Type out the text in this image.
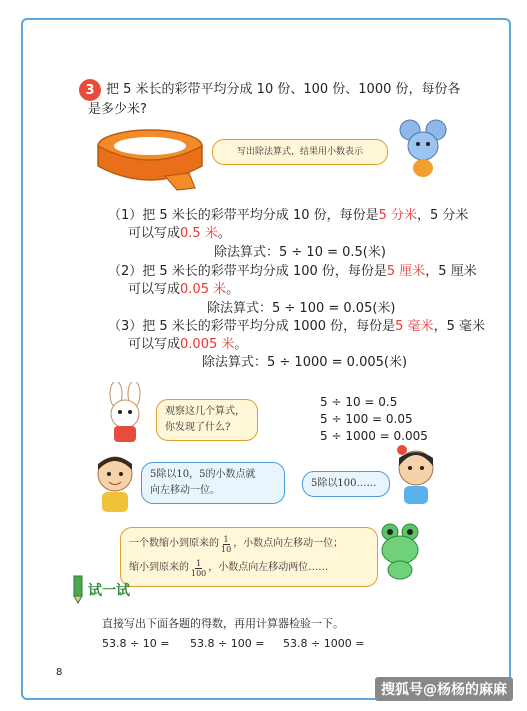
3 把 5 米长的彩带平均分成 10 份、100 份、1000 份，每份各
是多少米?
写出除法算式，结果用小数表示
（1）把 5 米长的彩带平均分成 10 份，每份是5 分米，5 分米
可以写成0.5 米。
除法算式：5 ÷ 10 = 0.5(米)
（2）把 5 米长的彩带平均分成 100 份，每份是5 厘米，5 厘米
可以写成0.05 米。
除法算式：5 ÷ 100 = 0.05(米)
（3）把 5 米长的彩带平均分成 1000 份，每份是5 毫米，5 毫米
可以写成0.005 米。
除法算式：5 ÷ 1000 = 0.005(米)
观察这几个算式，
你发现了什么?
5 ÷ 10 = 0.5
5 ÷ 100 = 0.05
5 ÷ 1000 = 0.005
5除以10，5的小数点就
向左移动一位。
5除以100……
一个数缩小到原来的 1
10 ，小数点向左移动一位；
缩小到原来的 1
100 ，小数点向左移动两位……
试一试
直接写出下面各题的得数，再用计算器检验一下。
53.8 ÷ 10 = 53.8 ÷ 100 = 53.8 ÷ 1000 =
8
搜狐号@杨杨的麻麻
